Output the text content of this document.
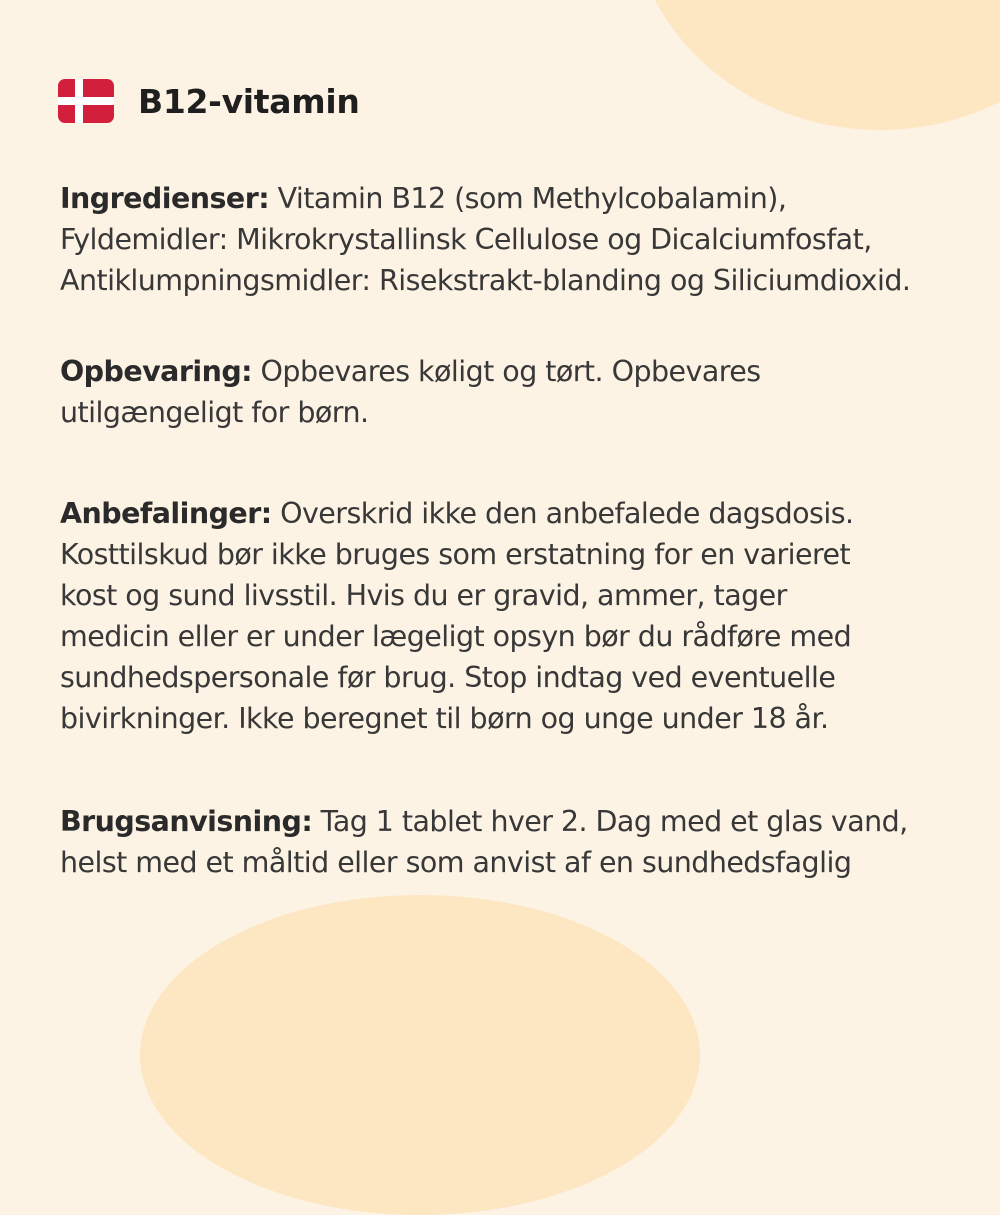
B12-vitamin
Ingredienser: Vitamin B12 (som Methylcobalamin),
Fyldemidler: Mikrokrystallinsk Cellulose og Dicalciumfosfat,
Antiklumpningsmidler: Risekstrakt-blanding og Siliciumdioxid.
Opbevaring: Opbevares køligt og tørt. Opbevares
utilgængeligt for børn.
Anbefalinger: Overskrid ikke den anbefalede dagsdosis.
Kosttilskud bør ikke bruges som erstatning for en varieret
kost og sund livsstil. Hvis du er gravid, ammer, tager
medicin eller er under lægeligt opsyn bør du rådføre med
sundhedspersonale før brug. Stop indtag ved eventuelle
bivirkninger. Ikke beregnet til børn og unge under 18 år.
Brugsanvisning: Tag 1 tablet hver 2. Dag med et glas vand,
helst med et måltid eller som anvist af en sundhedsfaglig
